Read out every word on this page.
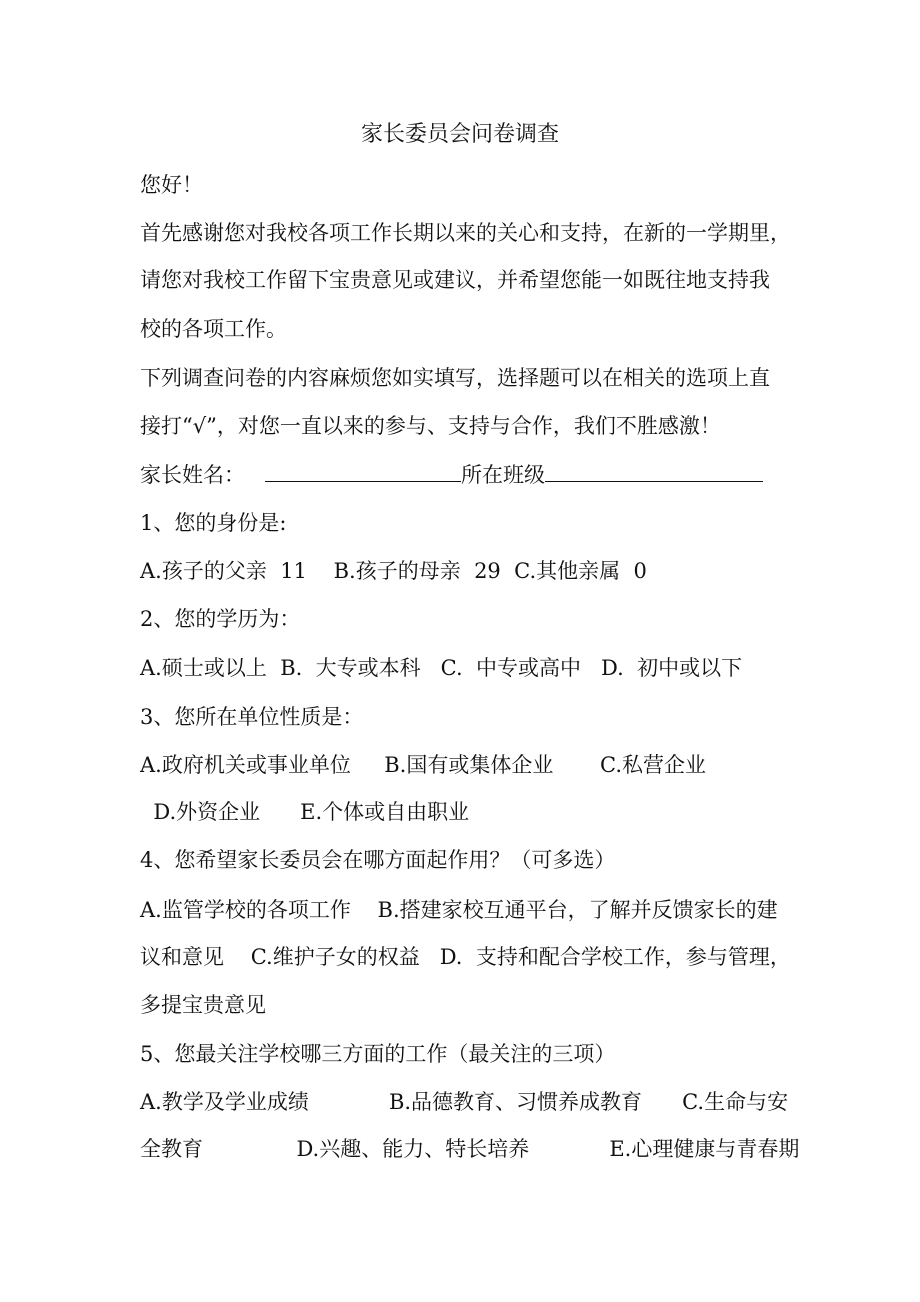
家长委员会问卷调查
您好！
首先感谢您对我校各项工作长期以来的关心和支持，在新的一学期里，
请您对我校工作留下宝贵意见或建议，并希望您能一如既往地支持我
校的各项工作。
下列调查问卷的内容麻烦您如实填写，选择题可以在相关的选项上直
接打“√”，对您一直以来的参与、支持与合作，我们不胜感激！
家长姓名：	所在班级
1、您的身份是:
A.孩子的父亲  11    B.孩子的母亲  29  C.其他亲属  0
2、您的学历为：
A.硕士或以上  B.  大专或本科   C.  中专或高中   D.  初中或以下
3、您所在单位性质是：
A.政府机关或事业单位     B.国有或集体企业       C.私营企业
D.外资企业      E.个体或自由职业
4、您希望家长委员会在哪方面起作用？（可多选）
A.监管学校的各项工作    B.搭建家校互通平台，了解并反馈家长的建
议和意见    C.维护子女的权益   D.  支持和配合学校工作，参与管理，
多提宝贵意见
5、您最关注学校哪三方面的工作（最关注的三项）
A.教学及学业成绩            B.品德教育、习惯养成教育      C.生命与安
全教育              D.兴趣、能力、特长培养            E.心理健康与青春期
